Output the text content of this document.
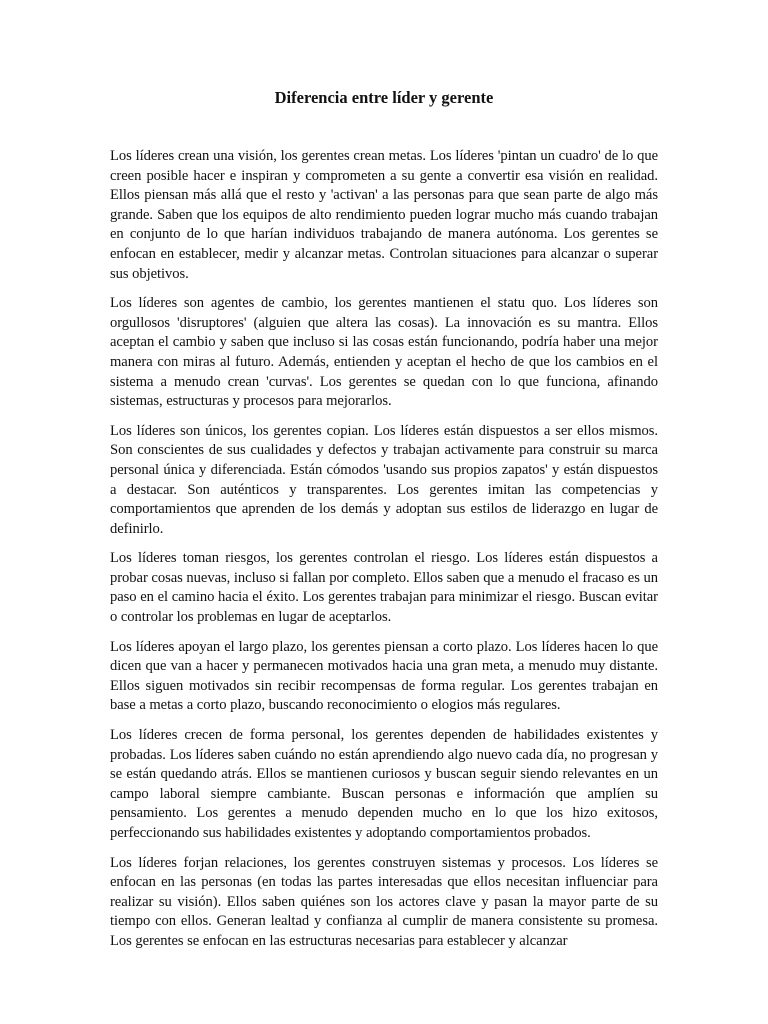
Diferencia entre líder y gerente

Los líderes crean una visión, los gerentes crean metas. Los líderes 'pintan un cuadro' de lo que creen posible hacer e inspiran y comprometen a su gente a convertir esa visión en realidad. Ellos piensan más allá que el resto y 'activan' a las personas para que sean parte de algo más grande. Saben que los equipos de alto rendimiento pueden lograr mucho más cuando trabajan en conjunto de lo que harían individuos trabajando de manera autónoma. Los gerentes se enfocan en establecer, medir y alcanzar metas. Controlan situaciones para alcanzar o superar sus objetivos.

Los líderes son agentes de cambio, los gerentes mantienen el statu quo. Los líderes son orgullosos 'disruptores' (alguien que altera las cosas). La innovación es su mantra. Ellos aceptan el cambio y saben que incluso si las cosas están funcionando, podría haber una mejor manera con miras al futuro. Además, entienden y aceptan el hecho de que los cambios en el sistema a menudo crean 'curvas'. Los gerentes se quedan con lo que funciona, afinando sistemas, estructuras y procesos para mejorarlos.

Los líderes son únicos, los gerentes copian. Los líderes están dispuestos a ser ellos mismos. Son conscientes de sus cualidades y defectos y trabajan activamente para construir su marca personal única y diferenciada. Están cómodos 'usando sus propios zapatos' y están dispuestos a destacar. Son auténticos y transparentes. Los gerentes imitan las competencias y comportamientos que aprenden de los demás y adoptan sus estilos de liderazgo en lugar de definirlo.

Los líderes toman riesgos, los gerentes controlan el riesgo. Los líderes están dispuestos a probar cosas nuevas, incluso si fallan por completo. Ellos saben que a menudo el fracaso es un paso en el camino hacia el éxito. Los gerentes trabajan para minimizar el riesgo. Buscan evitar o controlar los problemas en lugar de aceptarlos.

Los líderes apoyan el largo plazo, los gerentes piensan a corto plazo. Los líderes hacen lo que dicen que van a hacer y permanecen motivados hacia una gran meta, a menudo muy distante. Ellos siguen motivados sin recibir recompensas de forma regular. Los gerentes trabajan en base a metas a corto plazo, buscando reconocimiento o elogios más regulares.

Los líderes crecen de forma personal, los gerentes dependen de habilidades existentes y probadas. Los líderes saben cuándo no están aprendiendo algo nuevo cada día, no progresan y se están quedando atrás. Ellos se mantienen curiosos y buscan seguir siendo relevantes en un campo laboral siempre cambiante. Buscan personas e información que amplíen su pensamiento. Los gerentes a menudo dependen mucho en lo que los hizo exitosos, perfeccionando sus habilidades existentes y adoptando comportamientos probados.

Los líderes forjan relaciones, los gerentes construyen sistemas y procesos. Los líderes se enfocan en las personas (en todas las partes interesadas que ellos necesitan influenciar para realizar su visión). Ellos saben quiénes son los actores clave y pasan la mayor parte de su tiempo con ellos. Generan lealtad y confianza al cumplir de manera consistente su promesa. Los gerentes se enfocan en las estructuras necesarias para establecer y alcanzar
